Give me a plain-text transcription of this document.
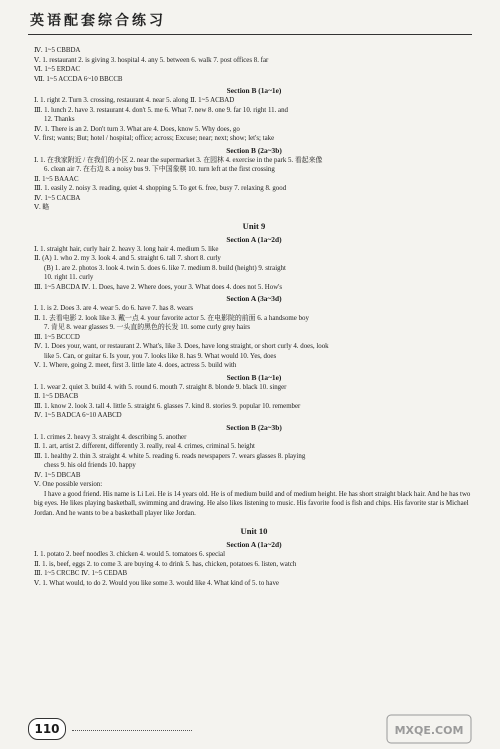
英语配套综合练习
Ⅳ. 1~5 CBBDA
Ⅴ. 1. restaurant 2. is giving 3. hospital 4. any 5. between 6. walk 7. post offices 8. far
Ⅵ. 1~5 ERDAC
Ⅶ. 1~5 ACCDA 6~10 BBCCB
Section B (1a~1e)
Ⅰ. 1. right 2. Turn 3. crossing, restaurant 4. near 5. along Ⅱ. 1~5 ACBAD
Ⅲ. 1. lunch 2. have 3. restaurant 4. don't 5. me 6. What 7. new 8. one 9. far 10. right 11. and
12. Thanks
Ⅳ. 1. There is an 2. Don't turn 3. What are 4. Does, know 5. Why does, go
Ⅴ. first; wants; But; hotel / hospital; office; across; Excuse; near; next; show; let's; take
Section B (2a~3b)
Ⅰ. 1. 在我家附近 / 在我们的小区 2. near the supermarket 3. 在园林 4. exercise in the park 5. 看起来像
6. clean air 7. 在右边 8. a noisy bus 9. 下中国象棋 10. turn left at the first crossing
Ⅱ. 1~5 BAAAC
Ⅲ. 1. easily 2. noisy 3. reading, quiet 4. shopping 5. To get 6. free, busy 7. relaxing 8. good
Ⅳ. 1~5 CACBA
Ⅴ. 略
Unit 9
Section A (1a~2d)
Ⅰ. 1. straight hair, curly hair 2. heavy 3. long hair 4. medium 5. like
Ⅱ. (A) 1. who 2. my 3. look 4. and 5. straight 6. tall 7. short 8. curly
(B) 1. are 2. photos 3. look 4. twin 5. does 6. like 7. medium 8. build (height) 9. straight
10. right 11. curly
Ⅲ. 1~5 ABCDA Ⅳ. 1. Does, have 2. Where does, your 3. What does 4. does not 5. How's
Section A (3a~3d)
Ⅰ. 1. is 2. Does 3. are 4. wear 5. do 6. have 7. has 8. wears
Ⅱ. 1. 去看电影 2. look like 3. 戴一点 4. your favorite actor 5. 在电影院的前面 6. a handsome boy
7. 肯见 8. wear glasses 9. 一头直的黑色的长发 10. some curly grey hairs
Ⅲ. 1~5 BCCCD
Ⅳ. 1. Does your, want, or restaurant 2. What's, like 3. Does, have long straight, or short curly 4. does, look
like 5. Can, or guitar 6. Is your, you 7. looks like 8. has 9. What would 10. Yes, does
Ⅴ. 1. Where, going 2. meet, first 3. little late 4. does, actress 5. build with
Section B (1a~1e)
Ⅰ. 1. wear 2. quiet 3. build 4. with 5. round 6. mouth 7. straight 8. blonde 9. black 10. singer
Ⅱ. 1~5 DBACB
Ⅲ. 1. know 2. look 3. tall 4. little 5. straight 6. glasses 7. kind 8. stories 9. popular 10. remember
Ⅳ. 1~5 BADCA 6~10 AABCD
Section B (2a~3b)
Ⅰ. 1. crimes 2. heavy 3. straight 4. describing 5. another
Ⅱ. 1. art, artist 2. different, differently 3. really, real 4. crimes, criminal 5. height
Ⅲ. 1. healthy 2. thin 3. straight 4. white 5. reading 6. reads newspapers 7. wears glasses 8. playing
chess 9. his old friends 10. happy
Ⅳ. 1~5 DBCAB
Ⅴ. One possible version:
I have a good friend. His name is Li Lei. He is 14 years old. He is of medium build and of medium height. He has short straight black hair. And he has two big eyes. He likes playing basketball, swimming and drawing. He also likes listening to music. His favorite food is fish and chips. His favorite star is Michael Jordan. And he wants to be a basketball player like Jordan.
Unit 10
Section A (1a~2d)
Ⅰ. 1. potato 2. beef noodles 3. chicken 4. would 5. tomatoes 6. special
Ⅱ. 1. is, beef, eggs 2. to come 3. are buying 4. to drink 5. has, chicken, potatoes 6. listen, watch
Ⅲ. 1~5 CRCBC Ⅳ. 1~5 CEDAB
Ⅴ. 1. What would, to do 2. Would you like some 3. would like 4. What kind of 5. to have
110	MXQE.COM
